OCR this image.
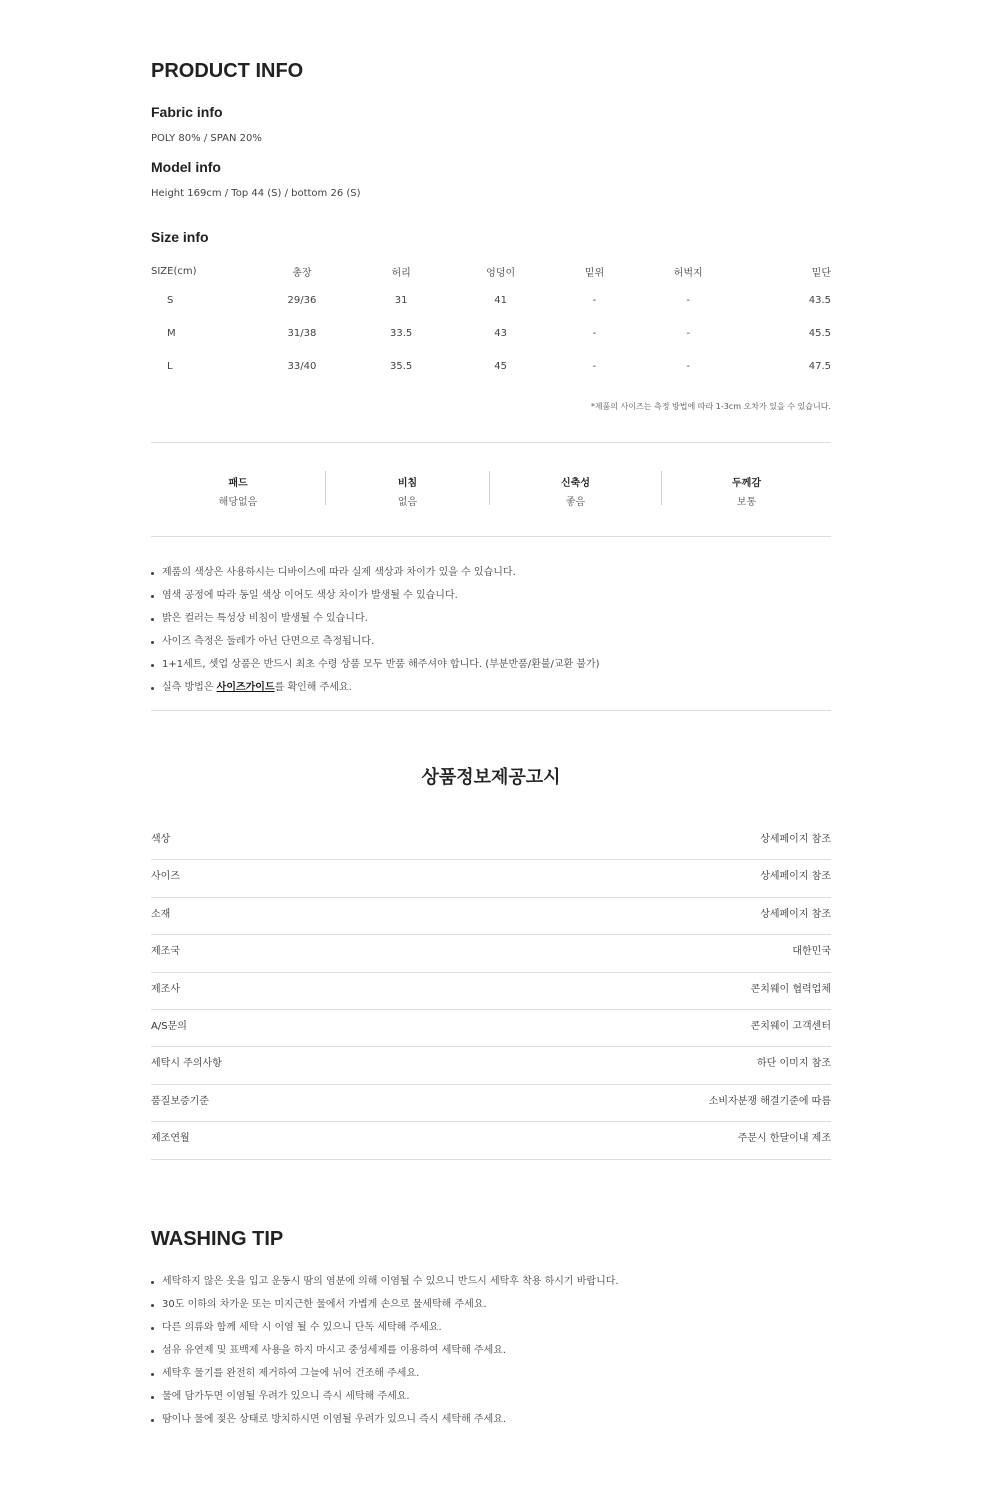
PRODUCT INFO
Fabric info

POLY 80% / SPAN 20%

Model info

Height 169cm / Top 44 (S) / bottom 26 (S)

Size info
SIZE(cm)	총장	허리	엉덩이	밑위	허벅지	밑단
S	29/36	31	41	-	-	43.5
M	31/38	33.5	43	-	-	45.5
L	33/40	35.5	45	-	-	47.5

*제품의 사이즈는 측정 방법에 따라 1-3cm 오차가 있을 수 있습니다.

패드
해당없음
비침
없음
신축성
좋음
두께감
보통
제품의 색상은 사용하시는 디바이스에 따라 실제 색상과 차이가 있을 수 있습니다.
염색 공정에 따라 동일 색상 이어도 색상 차이가 발생될 수 있습니다.
밝은 컬러는 특성상 비침이 발생될 수 있습니다.
사이즈 측정은 둘레가 아닌 단면으로 측정됩니다.
1+1세트, 셋업 상품은 반드시 최초 수령 상품 모두 반품 해주셔야 합니다. (부분반품/환불/교환 불가)
실측 방법은 사이즈가이드를 확인해 주세요.
상품정보제공고시
색상	상세페이지 참조
사이즈	상세페이지 참조
소재	상세페이지 참조
제조국	대한민국
제조사	콘치웨이 협력업체
A/S문의	콘치웨이 고객센터
세탁시 주의사항	하단 이미지 참조
품질보증기준	소비자분쟁 해결기준에 따름
제조연월	주문시 한달이내 제조
WASHING TIP
세탁하지 않은 옷을 입고 운동시 땀의 염분에 의해 이염될 수 있으니 반드시 세탁후 착용 하시기 바랍니다.
30도 이하의 차가운 또는 미지근한 물에서 가볍게 손으로 물세탁해 주세요.
다른 의류와 함께 세탁 시 이염 될 수 있으니 단독 세탁해 주세요.
섬유 유연제 및 표백제 사용을 하지 마시고 중성세제를 이용하여 세탁해 주세요.
세탁후 물기를 완전히 제거하여 그늘에 뉘어 건조해 주세요.
물에 담가두면 이염될 우려가 있으니 즉시 세탁해 주세요.
땀이나 물에 젖은 상태로 방치하시면 이염될 우려가 있으니 즉시 세탁해 주세요.
